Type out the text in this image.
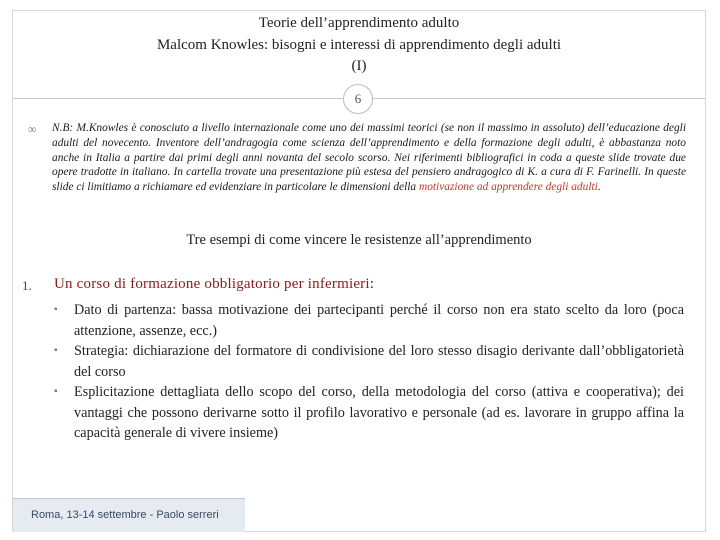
Teorie dell’apprendimento adulto
Malcom Knowles: bisogni e interessi di apprendimento degli adulti
(I)
6
∞ N.B: M.Knowles è conosciuto a livello internazionale come uno dei massimi teorici (se non il massimo in assoluto) dell’educazione degli adulti del novecento. Inventore dell’andragogia come scienza dell’apprendimento e della formazione degli adulti, è abbastanza noto anche in Italia a partire dai primi degli anni novanta del secolo scorso. Nei riferimenti bibliografici in coda a queste slide trovate due opere tradotte in italiano. In cartella trovate una presentazione più estesa del pensiero andragogico di K. a cura di F. Farinelli. In queste slide ci limitiamo a richiamare ed evidenziare in particolare le dimensioni della motivazione ad apprendere degli adulti.
Tre esempi di come vincere le resistenze all’apprendimento
1. Un corso di formazione obbligatorio per infermieri:
▪ Dato di partenza: bassa motivazione dei partecipanti perché il corso non era stato scelto da loro (poca attenzione, assenze, ecc.)
▪ Strategia: dichiarazione del formatore di condivisione del loro stesso disagio derivante dall’obbligatorietà del corso
▪ Esplicitazione dettagliata dello scopo del corso, della metodologia del corso (attiva e cooperativa); dei vantaggi che possono derivarne sotto il profilo lavorativo e personale (ad es. lavorare in gruppo affina la capacità generale di vivere insieme)
Roma, 13-14 settembre - Paolo serreri
